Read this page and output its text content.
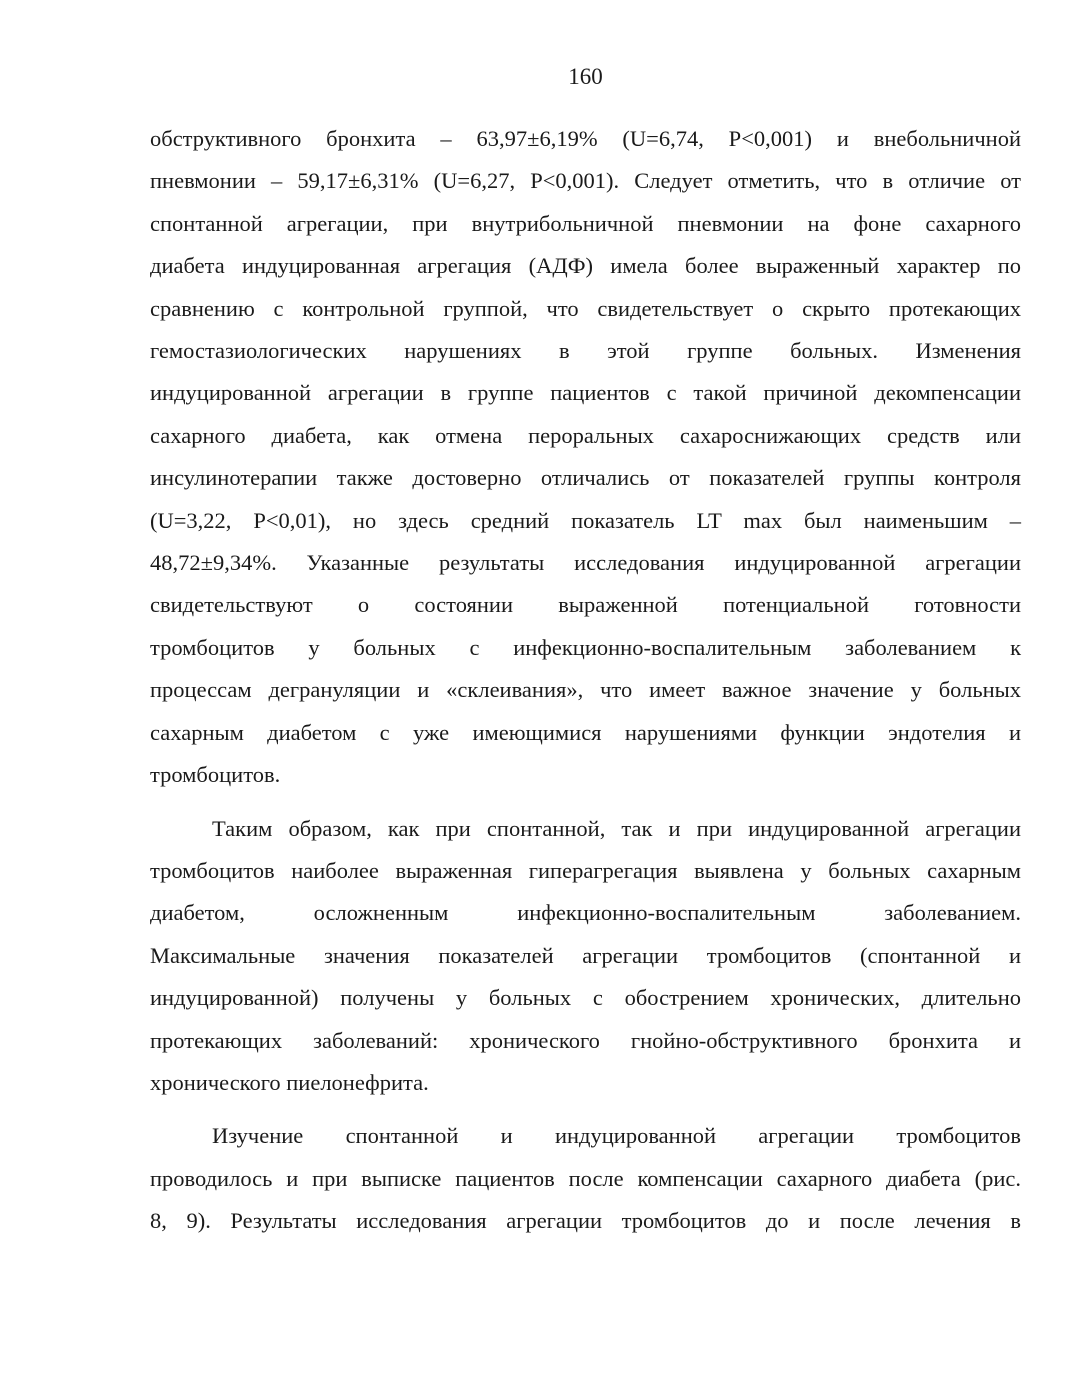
160

обструктивного бронхита – 63,97±6,19% (U=6,74, P<0,001) и внебольничной
пневмонии – 59,17±6,31% (U=6,27, P<0,001). Следует отметить, что в отличие от
спонтанной агрегации, при внутрибольничной пневмонии на фоне сахарного
диабета индуцированная агрегация (АДФ) имела более выраженный характер по
сравнению с контрольной группой, что свидетельствует о скрыто протекающих
гемостазиологических нарушениях в этой группе больных. Изменения
индуцированной агрегации в группе пациентов с такой причиной декомпенсации
сахарного диабета, как отмена пероральных сахароснижающих средств или
инсулинотерапии также достоверно отличались от показателей группы контроля
(U=3,22, P<0,01), но здесь средний показатель LT max был наименьшим –
48,72±9,34%. Указанные результаты исследования индуцированной агрегации
свидетельствуют о состоянии выраженной потенциальной готовности
тромбоцитов у больных с инфекционно-воспалительным заболеванием к
процессам дегрануляции и «склеивания», что имеет важное значение у больных
сахарным диабетом с уже имеющимися нарушениями функции эндотелия и
тромбоцитов.

Таким образом, как при спонтанной, так и при индуцированной агрегации
тромбоцитов наиболее выраженная гиперагрегация выявлена у больных сахарным
диабетом, осложненным инфекционно-воспалительным заболеванием.
Максимальные значения показателей агрегации тромбоцитов (спонтанной и
индуцированной) получены у больных с обострением хронических, длительно
протекающих заболеваний: хронического гнойно-обструктивного бронхита и
хронического пиелонефрита.

Изучение спонтанной и индуцированной агрегации тромбоцитов
проводилось и при выписке пациентов после компенсации сахарного диабета (рис.
8, 9). Результаты исследования агрегации тромбоцитов до и после лечения в
